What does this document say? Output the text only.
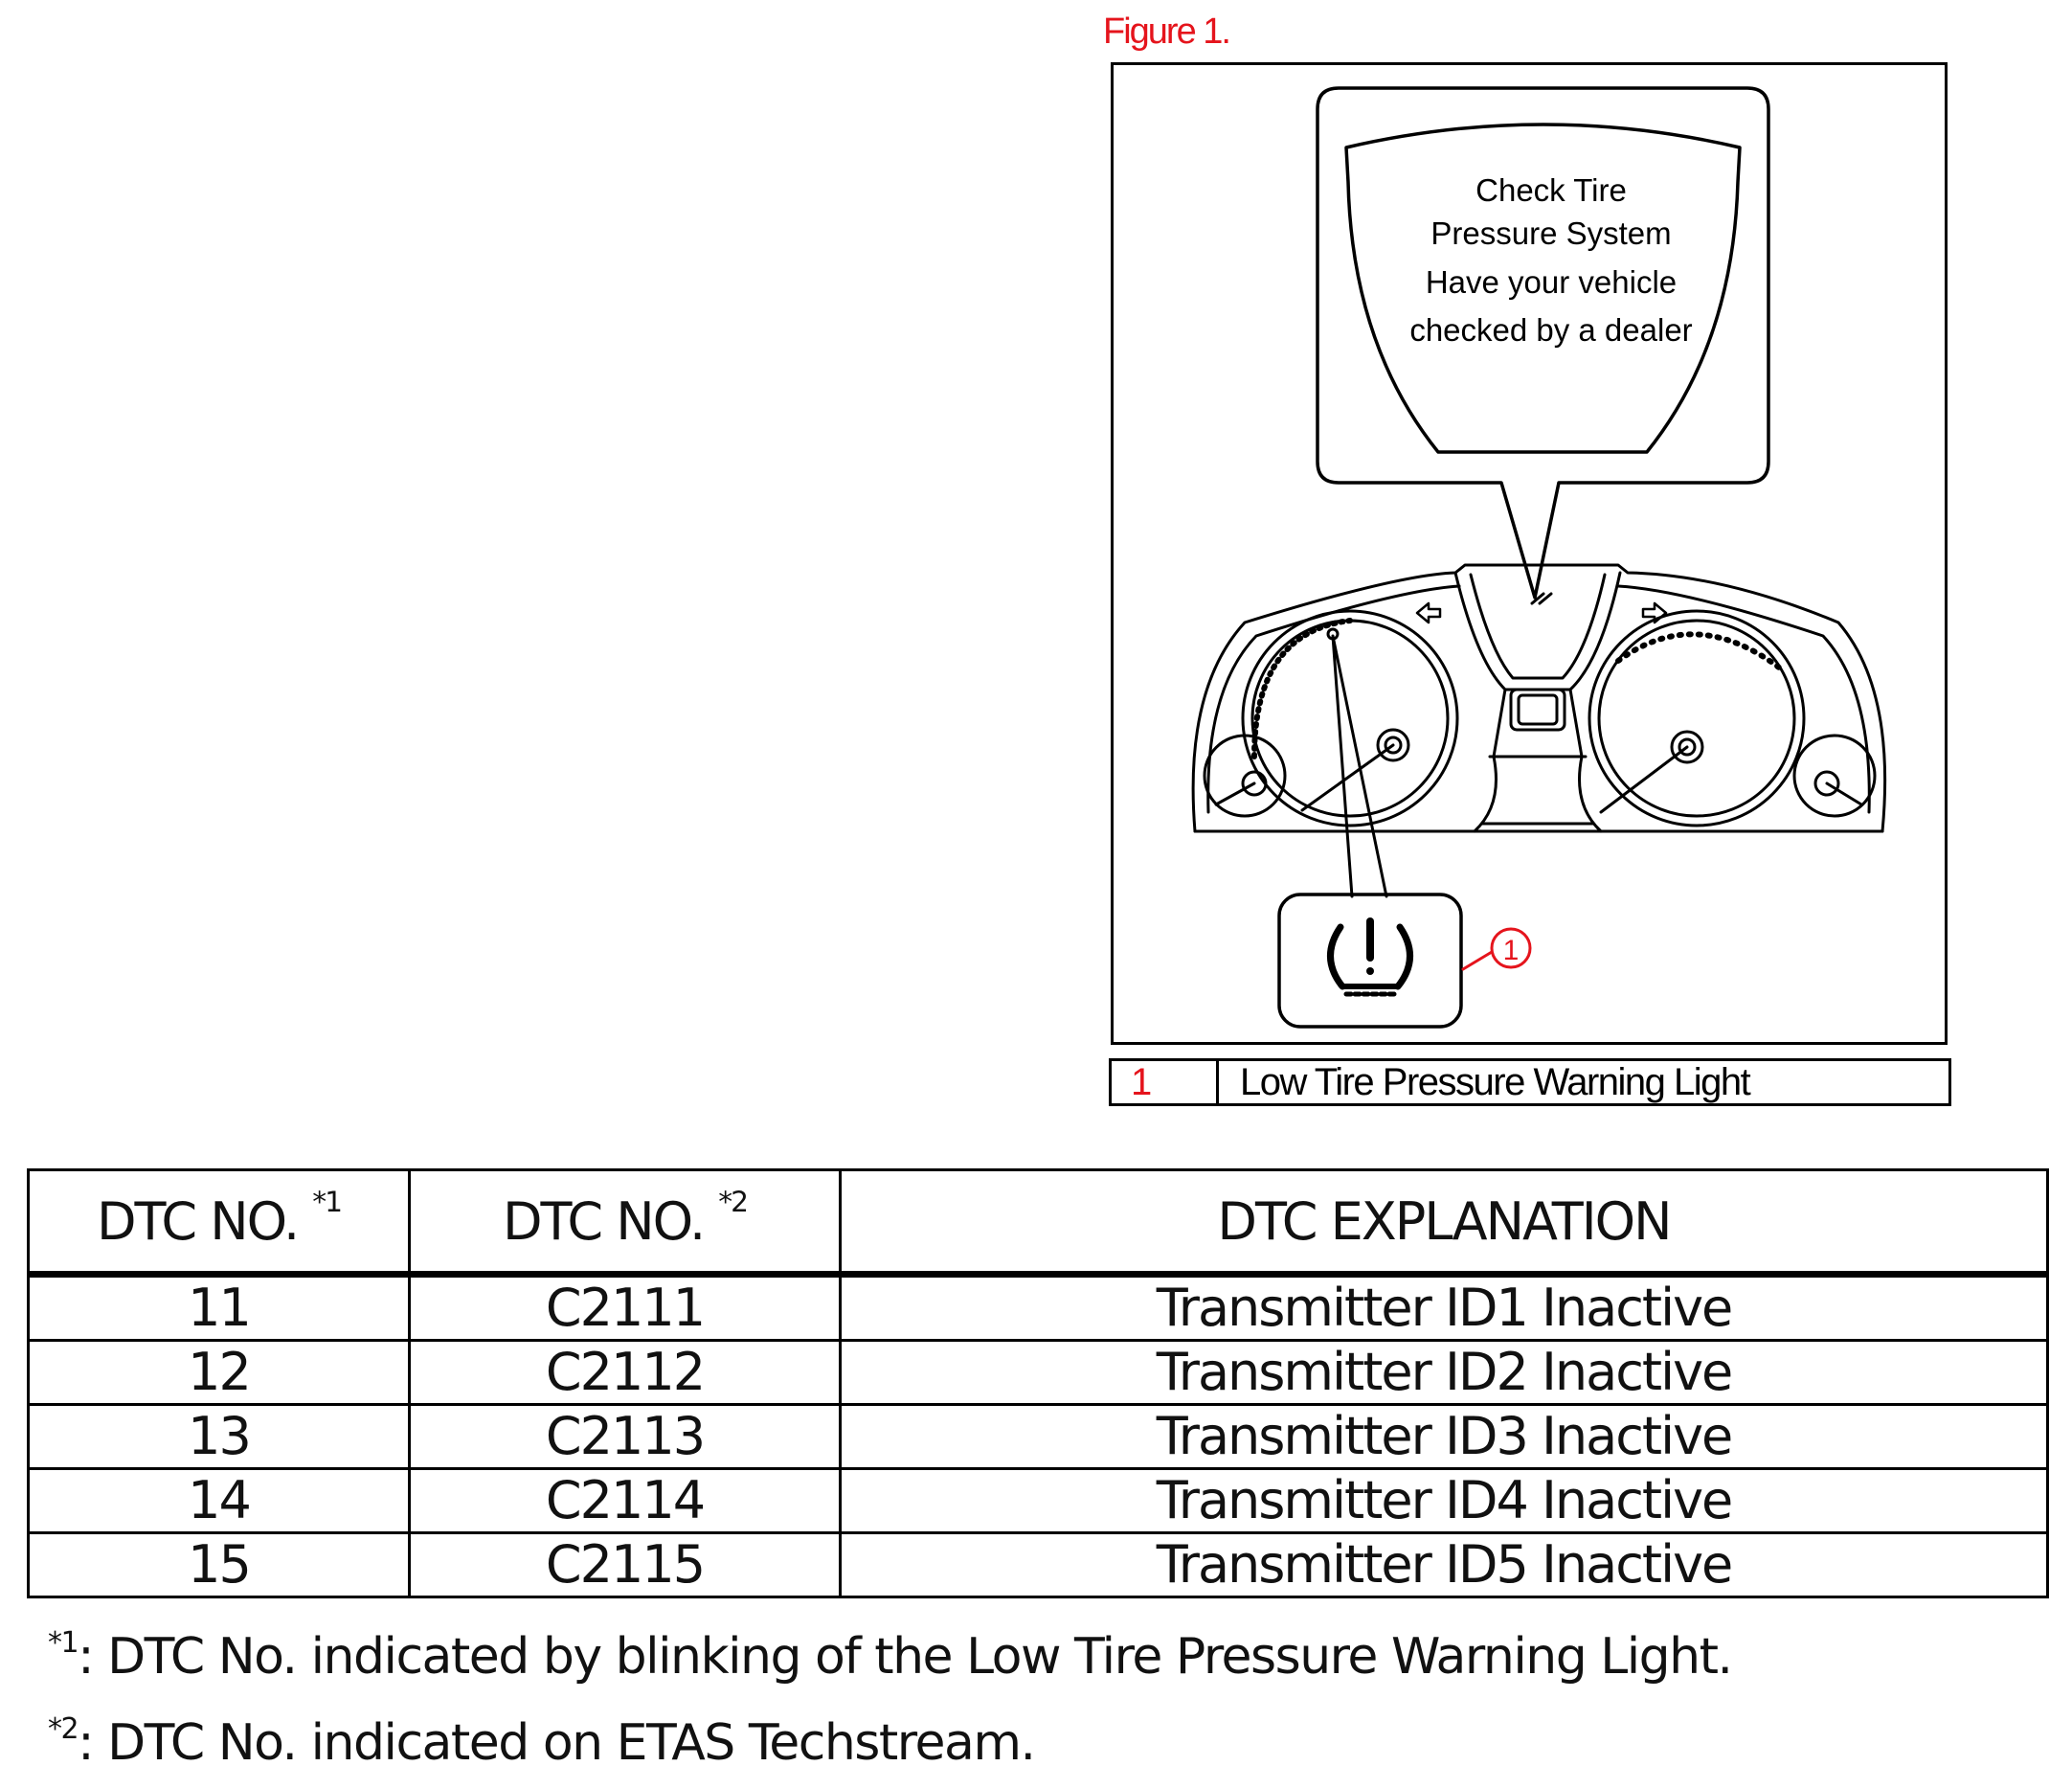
Figure 1.
1
Check Tire
Pressure System
Have your vehicle
checked by a dealer
1	Low Tire Pressure Warning Light
DTC NO. $^{*1}$	DTC NO. $^{*2}$	DTC EXPLANATION
11	C2111	Transmitter ID1 Inactive
12	C2112	Transmitter ID2 Inactive
13	C2113	Transmitter ID3 Inactive
14	C2114	Transmitter ID4 Inactive
15	C2115	Transmitter ID5 Inactive
$^{*1}$: DTC No. indicated by blinking of the Low Tire Pressure Warning Light.
$^{*2}$: DTC No. indicated on ETAS Techstream.
